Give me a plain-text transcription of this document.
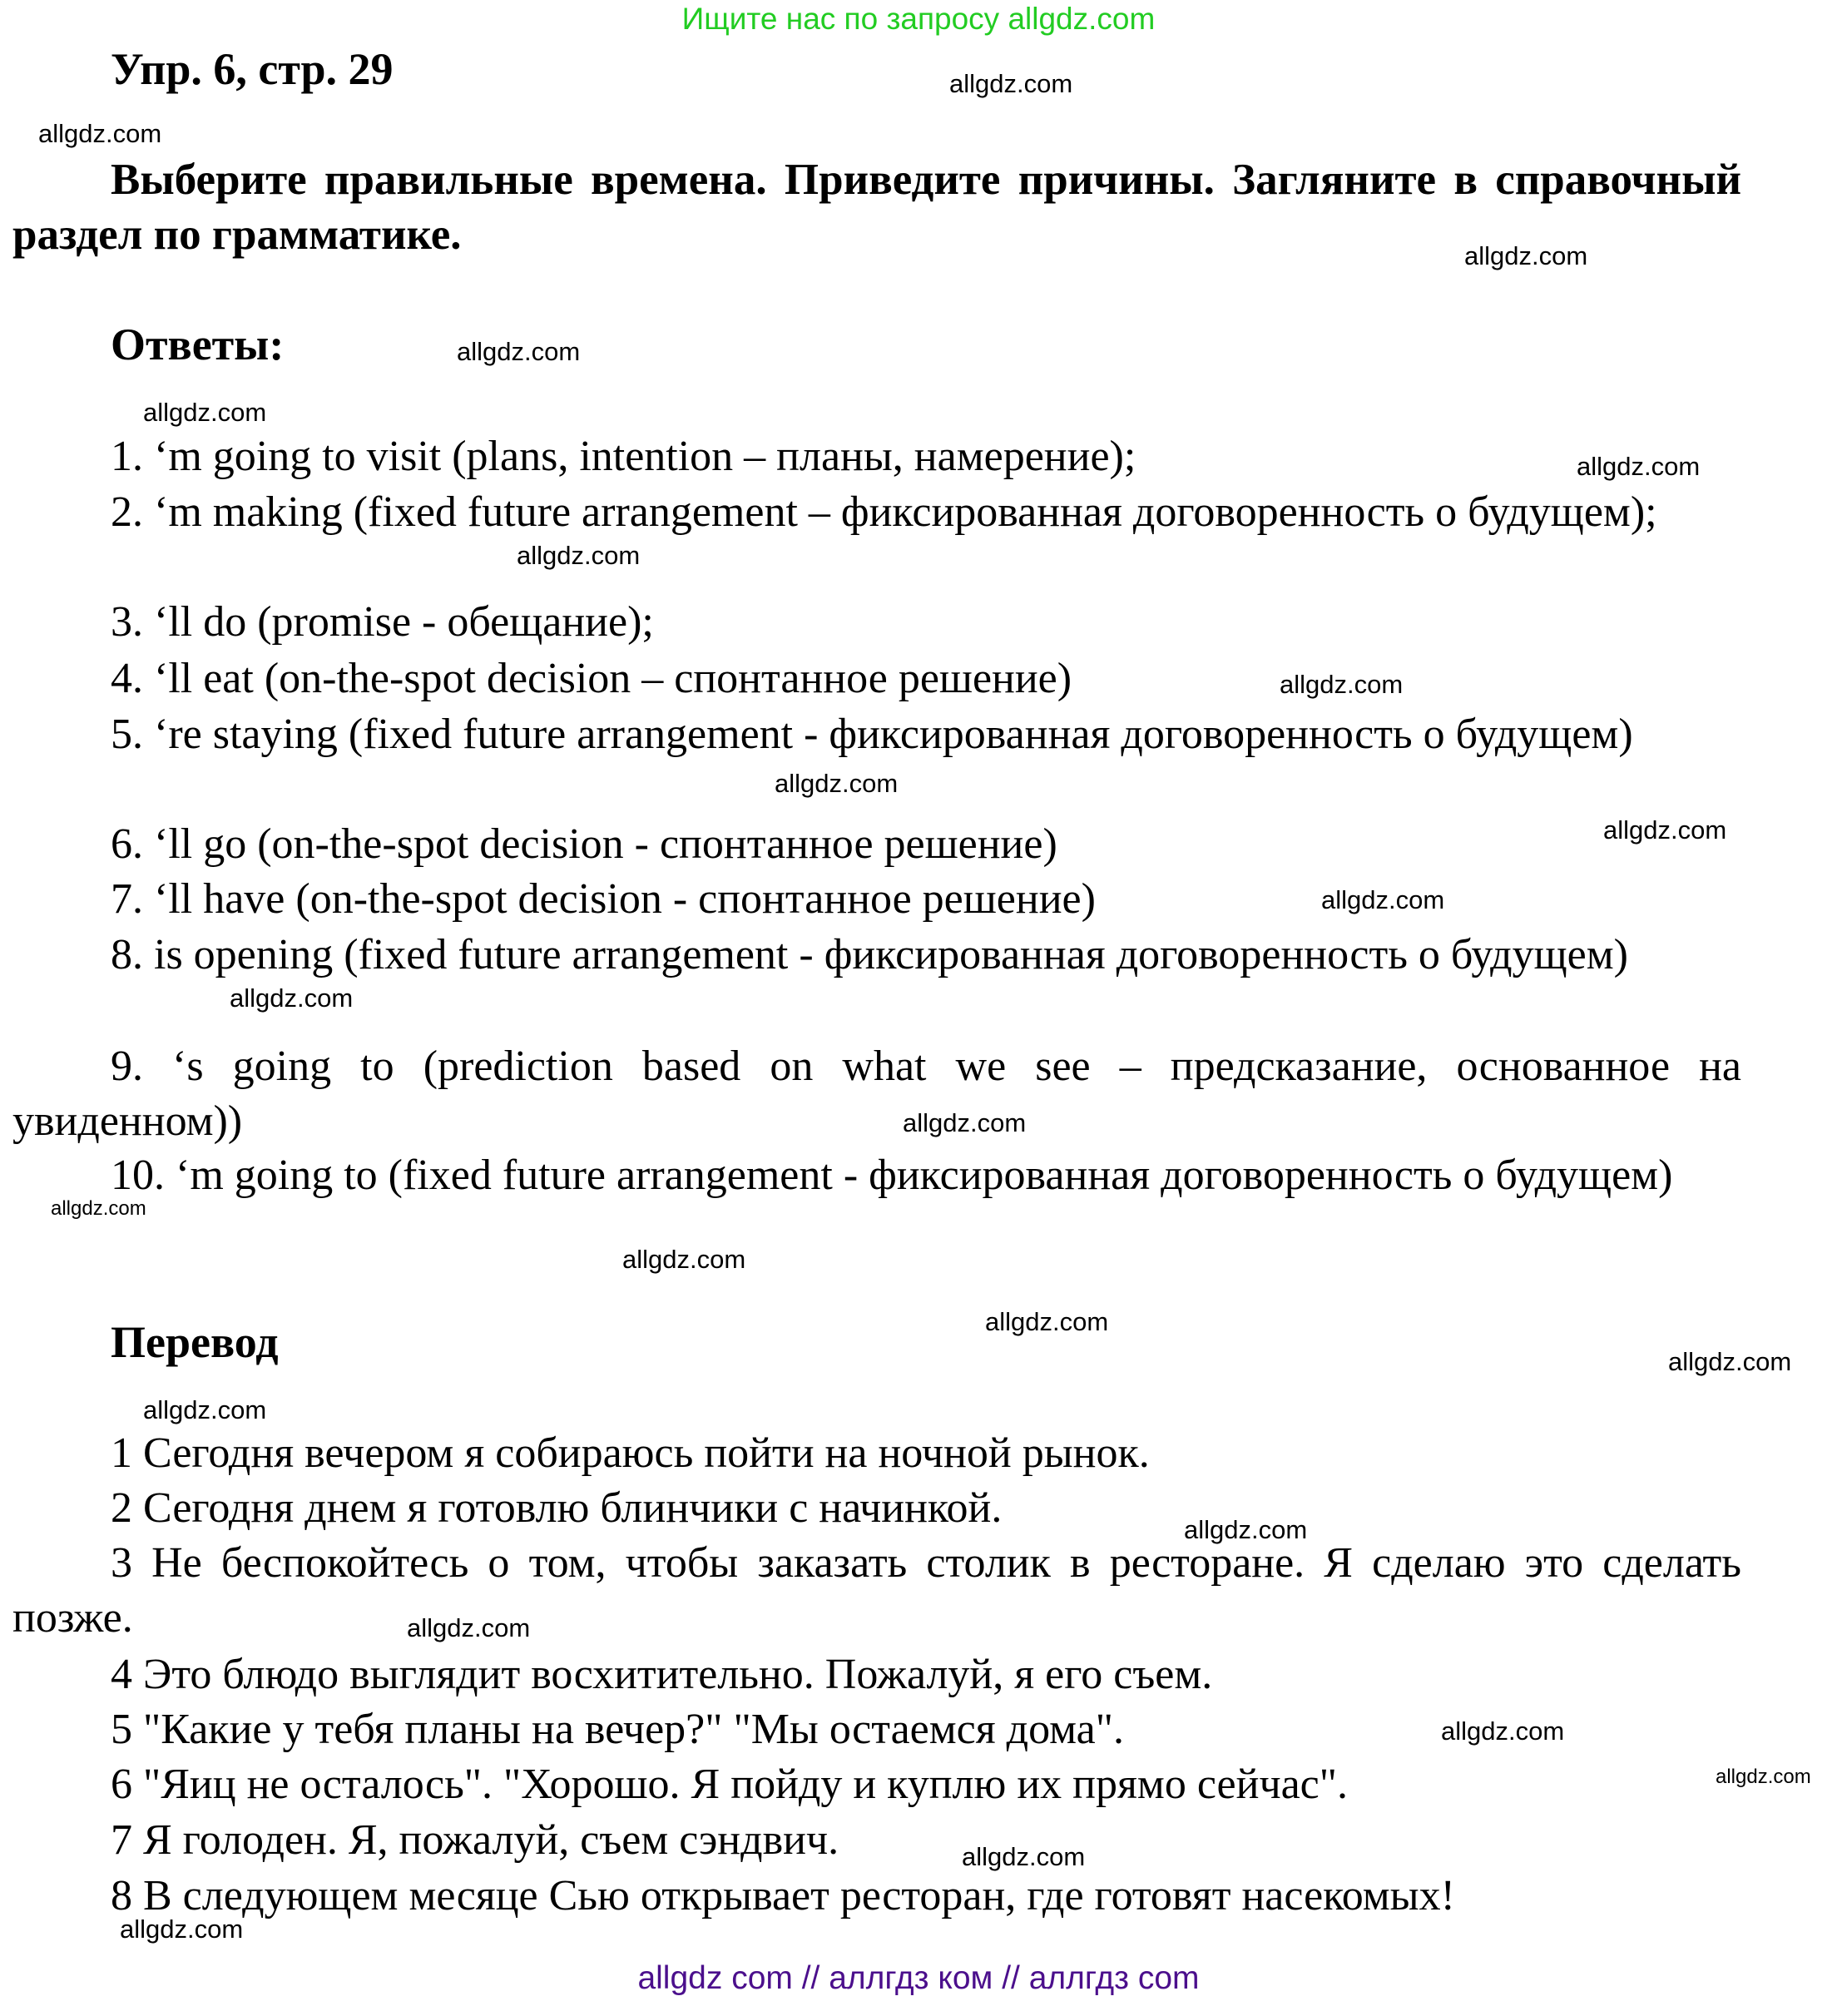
Ищите нас по запросу allgdz.com
Упр. 6, стр. 29

Выберите правильные времена. Приведите причины. Загляните в справочный раздел по грамматике.

Ответы:

1. ‘m going to visit (plans, intention – планы, намерение);

2. ‘m making (fixed future arrangement – фиксированная договоренность о будущем);

3. ‘ll do (promise - обещание);

4. ‘ll eat (on-the-spot decision – спонтанное решение)

5. ‘re staying (fixed future arrangement - фиксированная договоренность о будущем)

6. ‘ll go (on-the-spot decision - спонтанное решение)

7. ‘ll have (on-the-spot decision - спонтанное решение)

8. is opening (fixed future arrangement - фиксированная договоренность о будущем)

9. ‘s going to (prediction based on what we see – предсказание, основанное на увиденном))

10. ‘m going to (fixed future arrangement - фиксированная договоренность о будущем)

Перевод

1 Сегодня вечером я собираюсь пойти на ночной рынок.

2 Сегодня днем я готовлю блинчики с начинкой.

3 Не беспокойтесь о том, чтобы заказать столик в ресторане. Я сделаю это сделать позже.

4 Это блюдо выглядит восхитительно. Пожалуй, я его съем.

5 "Какие у тебя планы на вечер?" "Мы остаемся дома".

6 "Яиц не осталось". "Хорошо. Я пойду и куплю их прямо сейчас".

7 Я голоден. Я, пожалуй, съем сэндвич.

8 В следующем месяце Сью открывает ресторан, где готовят насекомых!

allgdz.com
allgdz.com
allgdz.com
allgdz.com
allgdz.com
allgdz.com
allgdz.com
allgdz.com
allgdz.com
allgdz.com
allgdz.com
allgdz.com
allgdz.com
allgdz.com
allgdz.com
allgdz.com
allgdz.com
allgdz.com
allgdz.com
allgdz.com
allgdz.com
allgdz.com
allgdz.com
allgdz.com
allgdz com // аллгдз ком // аллгдз com
